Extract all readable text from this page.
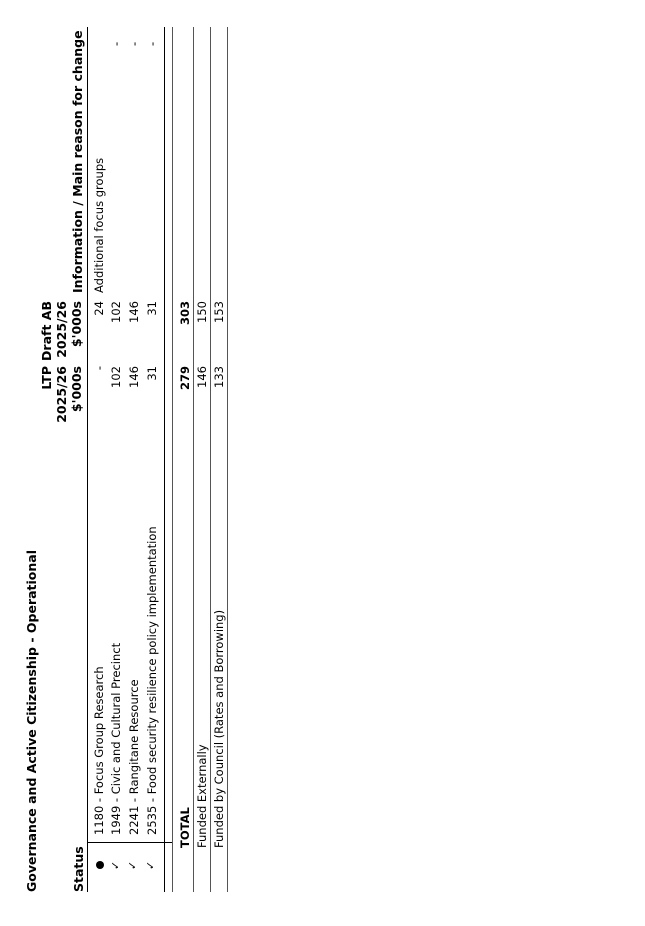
Governance and Active Citizenship - Operational	Status
LTP 2025/26 $'000s
Draft AB 2025/26 $'000s
Information / Main reason for change
✓ ✓ ✓
1180 - Focus Group Research
-
24
Additional focus groups
1949 - Civic and Cultural Precinct
102
102
-
2241 - Rangitane Resource
146
146
-
2535 - Food security resilience policy implementation
31
31
-
TOTAL
279
303
Funded Externally
146
150
Funded by Council (Rates and Borrowing)
133
153
